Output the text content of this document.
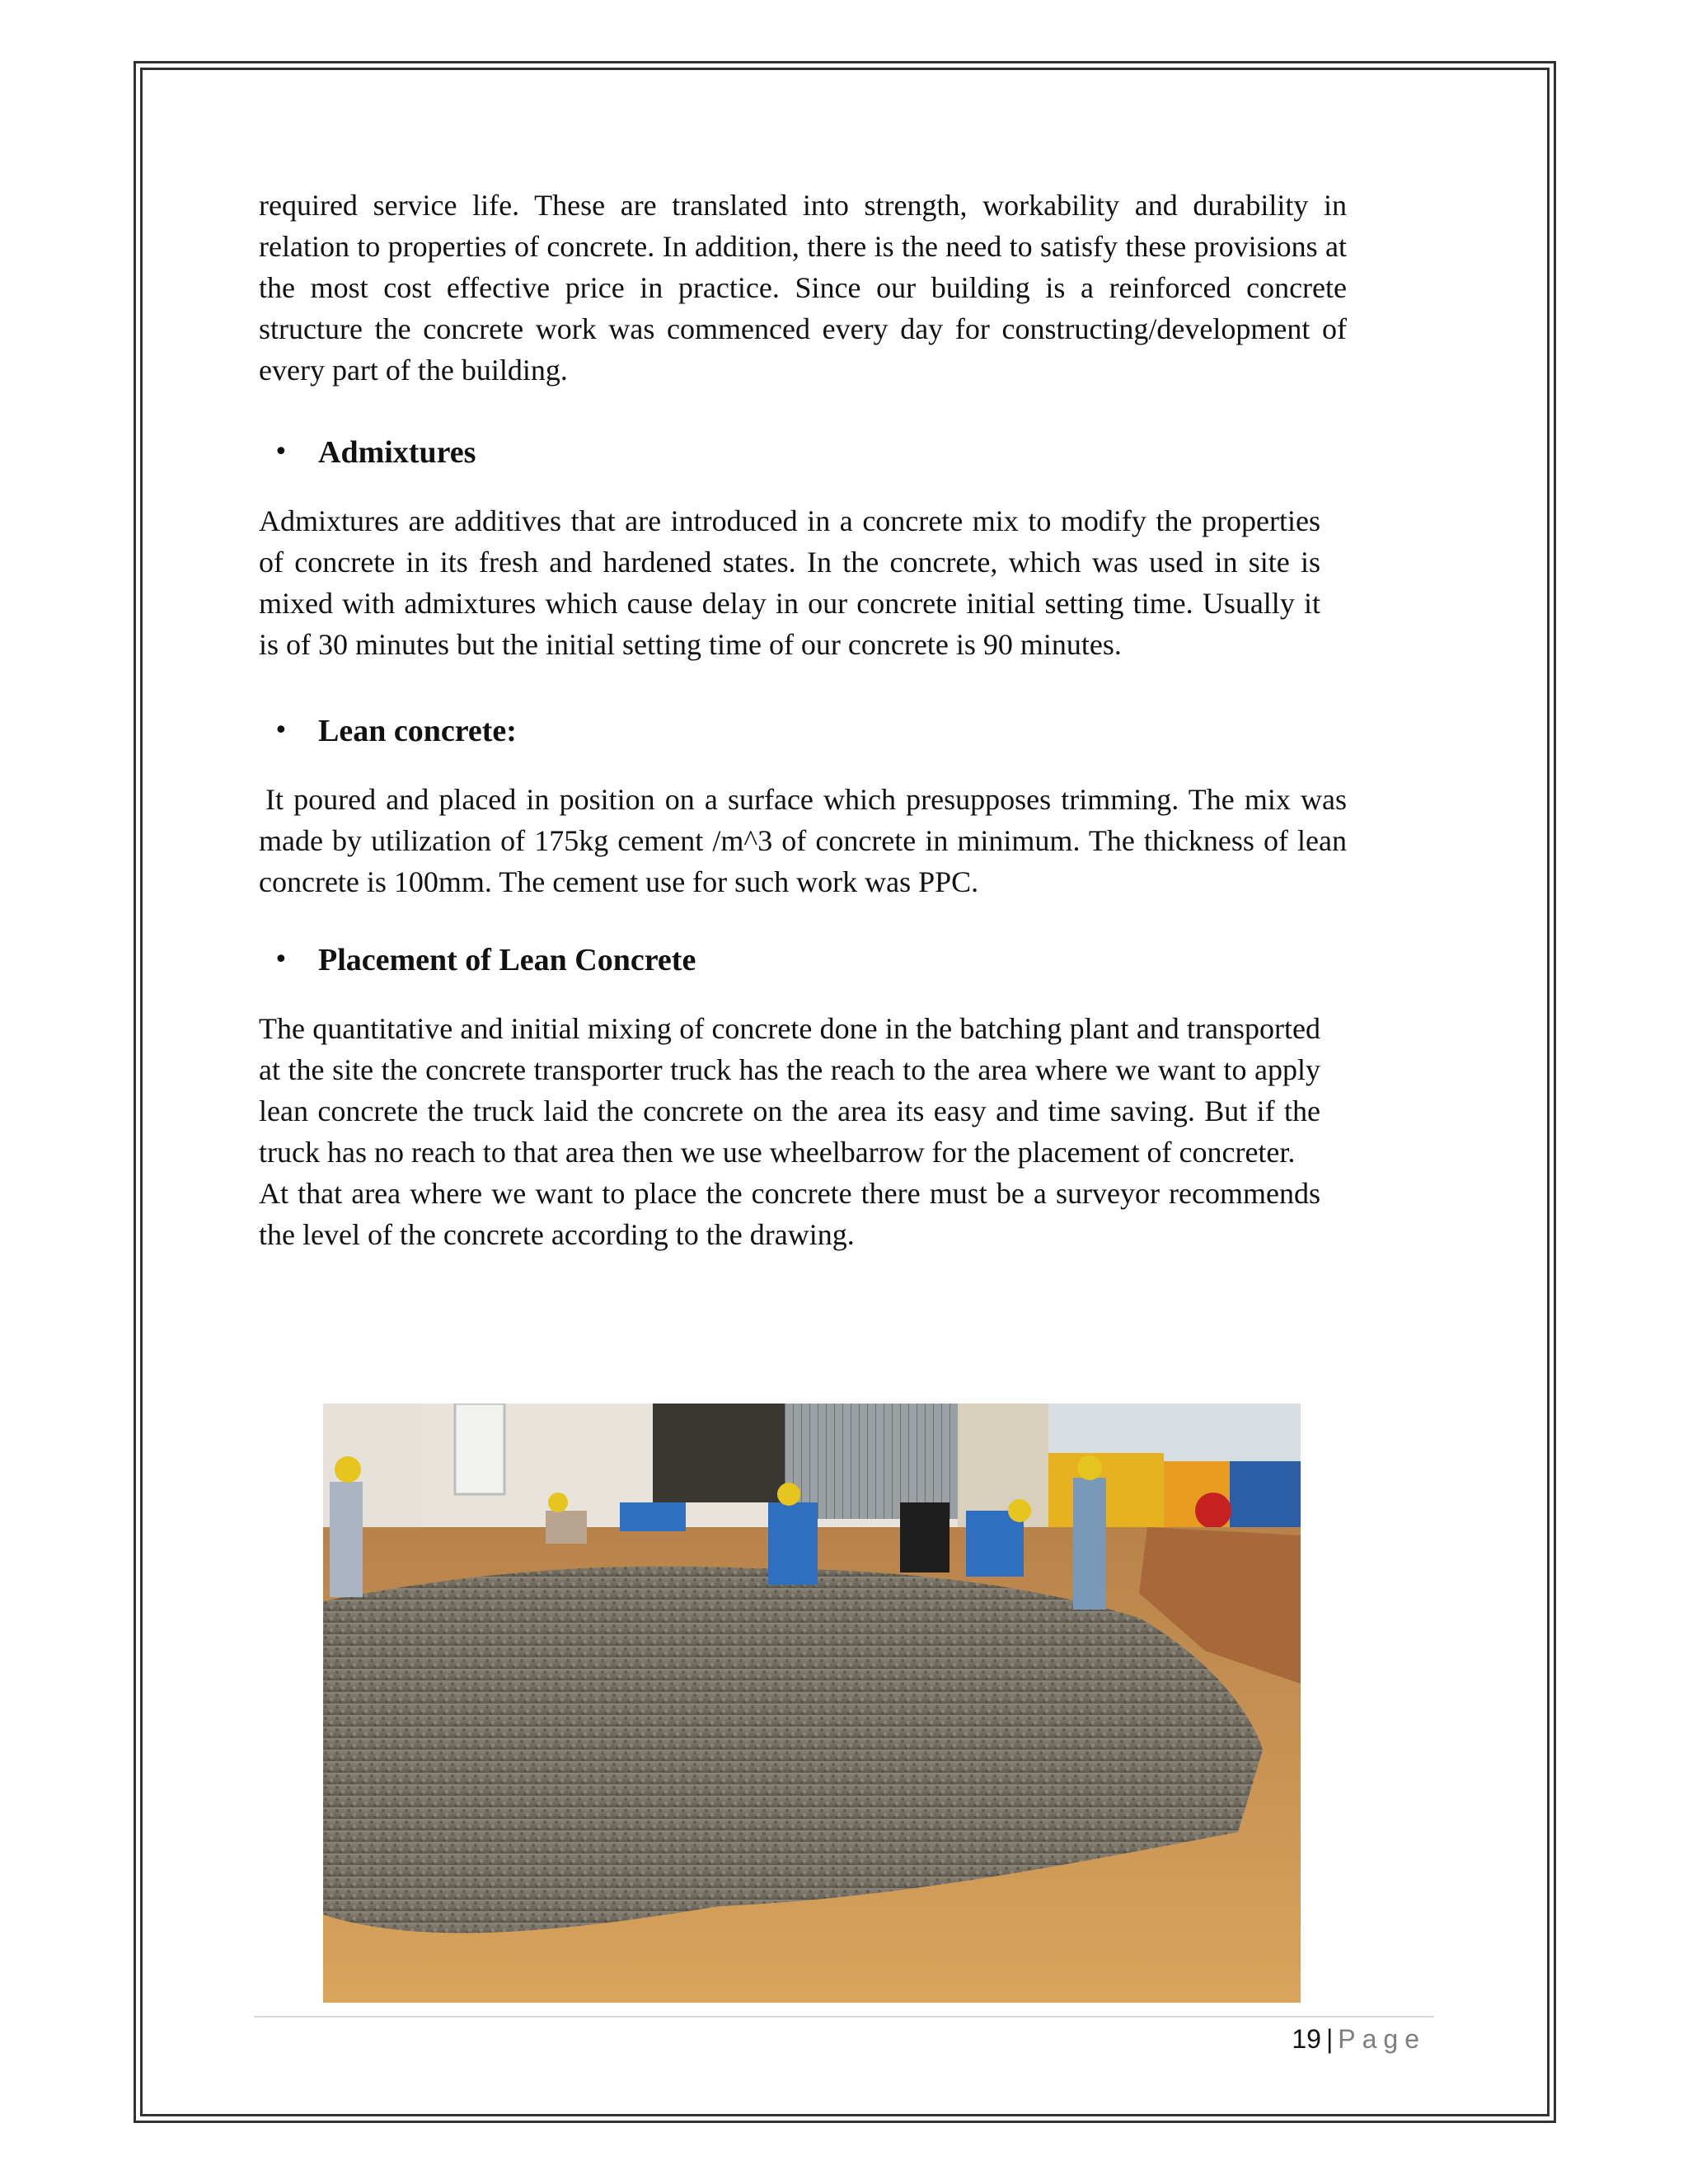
required service life. These are translated into strength, workability and durability in relation to properties of concrete. In addition, there is the need to satisfy these provisions at the most cost effective price in practice. Since our building is a reinforced concrete structure the concrete work was commenced every day for constructing/development of every part of the building.

• Admixtures

Admixtures are additives that are introduced in a concrete mix to modify the properties of concrete in its fresh and hardened states. In the concrete, which was used in site is mixed with admixtures which cause delay in our concrete initial setting time. Usually it is of 30 minutes but the initial setting time of our concrete is 90 minutes.

• Lean concrete:

It poured and placed in position on a surface which presupposes trimming. The mix was made by utilization of 175kg cement /m^3 of concrete in minimum. The thickness of lean concrete is 100mm. The cement use for such work was PPC.

• Placement of Lean Concrete

The quantitative and initial mixing of concrete done in the batching plant and transported at the site the concrete transporter truck has the reach to the area where we want to apply lean concrete the truck laid the concrete on the area its easy and time saving. But if the truck has no reach to that area then we use wheelbarrow for the placement of concreter.

At that area where we want to place the concrete there must be a surveyor recommends the level of the concrete according to the drawing.

19 | Page
